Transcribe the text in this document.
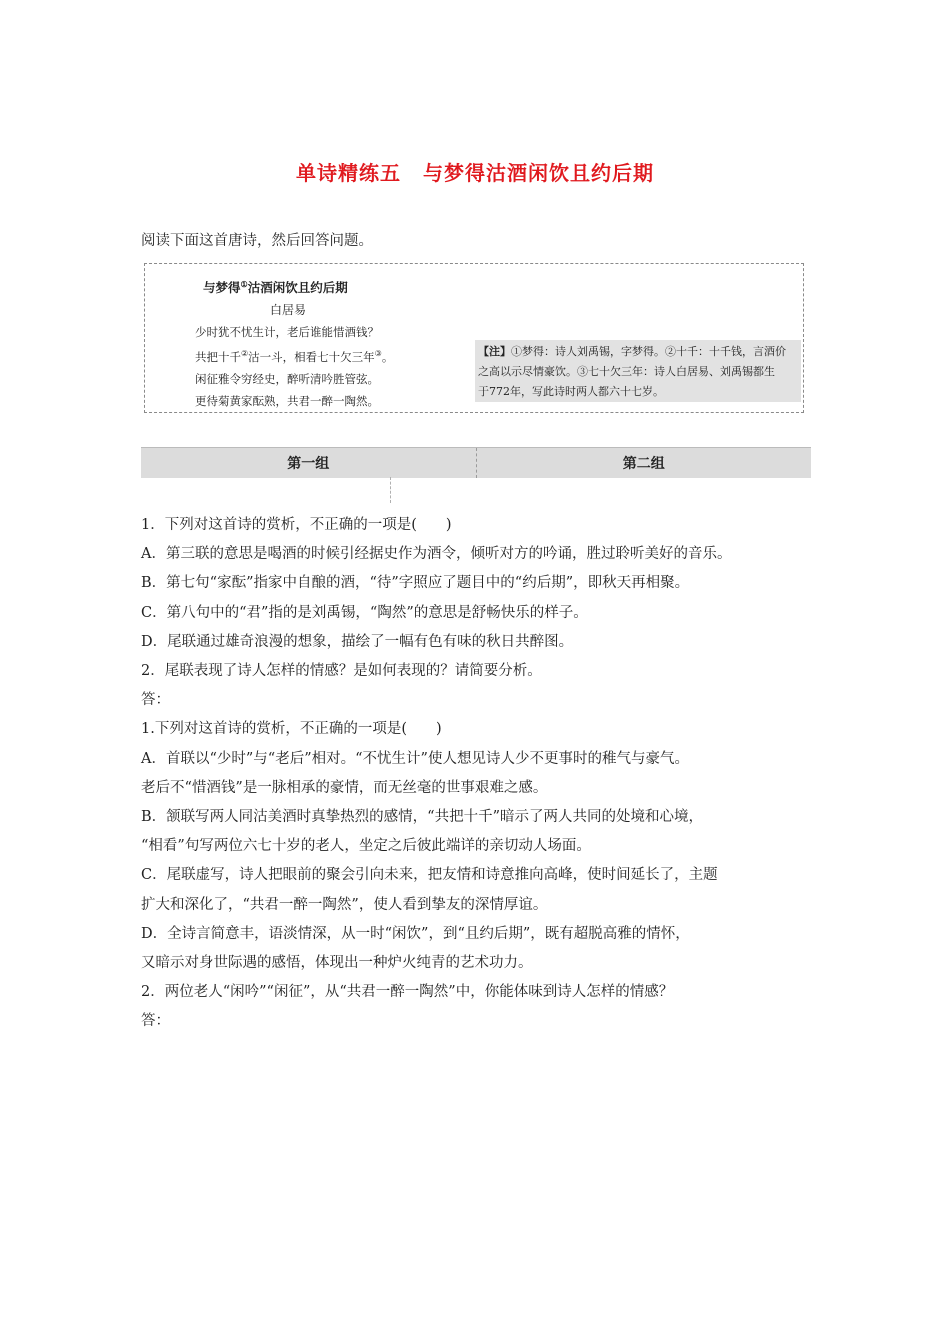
单诗精练五 与梦得沽酒闲饮且约后期
阅读下面这首唐诗，然后回答问题。
与梦得①沽酒闲饮且约后期
白居易
少时犹不忧生计，老后谁能惜酒钱？
共把十千②沽一斗，相看七十欠三年③。
闲征雅令穷经史，醉听清吟胜管弦。
更待菊黄家酝熟，共君一醉一陶然。
【注】①梦得：诗人刘禹锡，字梦得。②十千：十千钱，言酒价
之高以示尽情豪饮。③七十欠三年：诗人白居易、刘禹锡都生
于772年，写此诗时两人都六十七岁。
第一组	第二组

1．下列对这首诗的赏析，不正确的一项是(　　)

A．第三联的意思是喝酒的时候引经据史作为酒令，倾听对方的吟诵，胜过聆听美好的音乐。

B．第七句“家酝”指家中自酿的酒，“待”字照应了题目中的“约后期”，即秋天再相聚。

C．第八句中的“君”指的是刘禹锡，“陶然”的意思是舒畅快乐的样子。

D．尾联通过雄奇浪漫的想象，描绘了一幅有色有味的秋日共醉图。

2．尾联表现了诗人怎样的情感？是如何表现的？请简要分析。

答：

1.下列对这首诗的赏析，不正确的一项是(　　)

A．首联以“少时”与“老后”相对。“不忧生计”使人想见诗人少不更事时的稚气与豪气。

老后不“惜酒钱”是一脉相承的豪情，而无丝毫的世事艰难之感。

B．颔联写两人同沽美酒时真挚热烈的感情，“共把十千”暗示了两人共同的处境和心境，

“相看”句写两位六七十岁的老人，坐定之后彼此端详的亲切动人场面。

C．尾联虚写，诗人把眼前的聚会引向未来，把友情和诗意推向高峰，使时间延长了，主题

扩大和深化了，“共君一醉一陶然”，使人看到挚友的深情厚谊。

D．全诗言简意丰，语淡情深，从一时“闲饮”，到“且约后期”，既有超脱高雅的情怀，

又暗示对身世际遇的感悟，体现出一种炉火纯青的艺术功力。

2．两位老人“闲吟”“闲征”，从“共君一醉一陶然”中，你能体味到诗人怎样的情感？

答：
